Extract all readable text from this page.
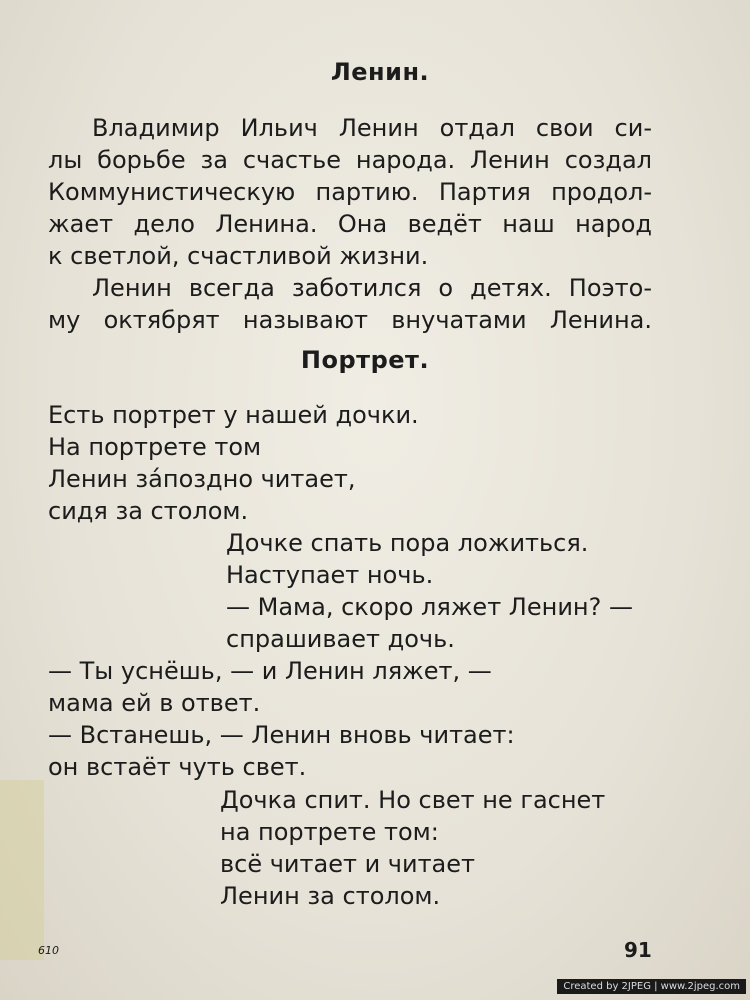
Ленин.
Владимир Ильич Ленин отдал свои си-
лы борьбе за счастье народа. Ленин создал
Коммунистическую партию. Партия продол-
жает дело Ленина. Она ведёт наш народ
к светлой, счастливой жизни.
Ленин всегда заботился о детях. Поэто-
му октябрят называют внучатами Ленина.
Портрет.
Есть портрет у нашей дочки.
На портрете том
Ленин за́поздно читает,
сидя за столом.
Дочке спать пора ложиться.
Наступает ночь.
— Мама, скоро ляжет Ленин? —
спрашивает дочь.
— Ты уснёшь, — и Ленин ляжет, —
мама ей в ответ.
— Встанешь, — Ленин вновь читает:
он встаёт чуть свет.
Дочка спит. Но свет не гаснет
на портрете том:
всё читает и читает
Ленин за столом.
610	91
Created by 2JPEG | www.2jpeg.com
